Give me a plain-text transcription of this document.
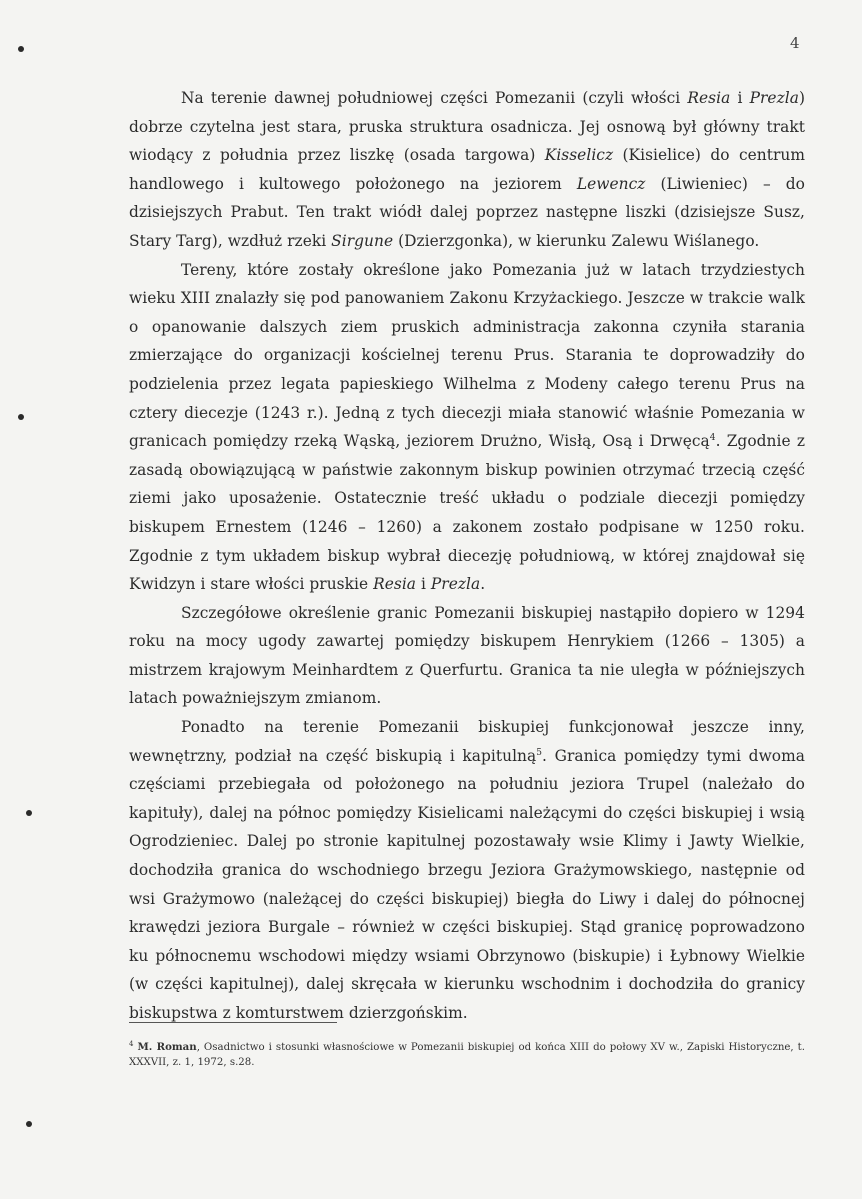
4

Na terenie dawnej południowej części Pomezanii (czyli włości Resia i Prezla) dobrze czytelna jest stara, pruska struktura osadnicza. Jej osnową był główny trakt wiodący z południa przez liszkę (osada targowa) Kisselicz (Kisielice) do centrum handlowego i kultowego położonego na jeziorem Lewencz (Liwieniec) – do dzisiejszych Prabut. Ten trakt wiódł dalej poprzez następne liszki (dzisiejsze Susz, Stary Targ), wzdłuż rzeki Sirgune (Dzierzgonka), w kierunku Zalewu Wiślanego.

Tereny, które zostały określone jako Pomezania już w latach trzydziestych wieku XIII znalazły się pod panowaniem Zakonu Krzyżackiego. Jeszcze w trakcie walk o opanowanie dalszych ziem pruskich administracja zakonna czyniła starania zmierzające do organizacji kościelnej terenu Prus. Starania te doprowadziły do podzielenia przez legata papieskiego Wilhelma z Modeny całego terenu Prus na cztery diecezje (1243 r.). Jedną z tych diecezji miała stanowić właśnie Pomezania w granicach pomiędzy rzeką Wąską, jeziorem Drużno, Wisłą, Osą i Drwęcą$^4$. Zgodnie z zasadą obowiązującą w państwie zakonnym biskup powinien otrzymać trzecią część ziemi jako uposażenie. Ostatecznie treść układu o podziale diecezji pomiędzy biskupem Ernestem (1246 – 1260) a zakonem zostało podpisane w 1250 roku. Zgodnie z tym układem biskup wybrał diecezję południową, w której znajdował się Kwidzyn i stare włości pruskie Resia i Prezla.

Szczegółowe określenie granic Pomezanii biskupiej nastąpiło dopiero w 1294 roku na mocy ugody zawartej pomiędzy biskupem Henrykiem (1266 – 1305) a mistrzem krajowym Meinhardtem z Querfurtu. Granica ta nie uległa w późniejszych latach poważniejszym zmianom.

Ponadto na terenie Pomezanii biskupiej funkcjonował jeszcze inny, wewnętrzny, podział na część biskupią i kapitulną$^5$. Granica pomiędzy tymi dwoma częściami przebiegała od położonego na południu jeziora Trupel (należało do kapituły), dalej na północ pomiędzy Kisielicami należącymi do części biskupiej i wsią Ogrodzieniec. Dalej po stronie kapitulnej pozostawały wsie Klimy i Jawty Wielkie, dochodziła granica do wschodniego brzegu Jeziora Grażymowskiego, następnie od wsi Grażymowo (należącej do części biskupiej) biegła do Liwy i dalej do północnej krawędzi jeziora Burgale – również w części biskupiej. Stąd granicę poprowadzono ku północnemu wschodowi między wsiami Obrzynowo (biskupie) i Łybnowy Wielkie (w części kapitulnej), dalej skręcała w kierunku wschodnim i dochodziła do granicy biskupstwa z komturstwem dzierzgońskim.

$^4$ M. Roman, Osadnictwo i stosunki własnościowe w Pomezanii biskupiej od końca XIII do połowy XV w., Zapiski Historyczne, t. XXXVII, z. 1, 1972, s.28.
